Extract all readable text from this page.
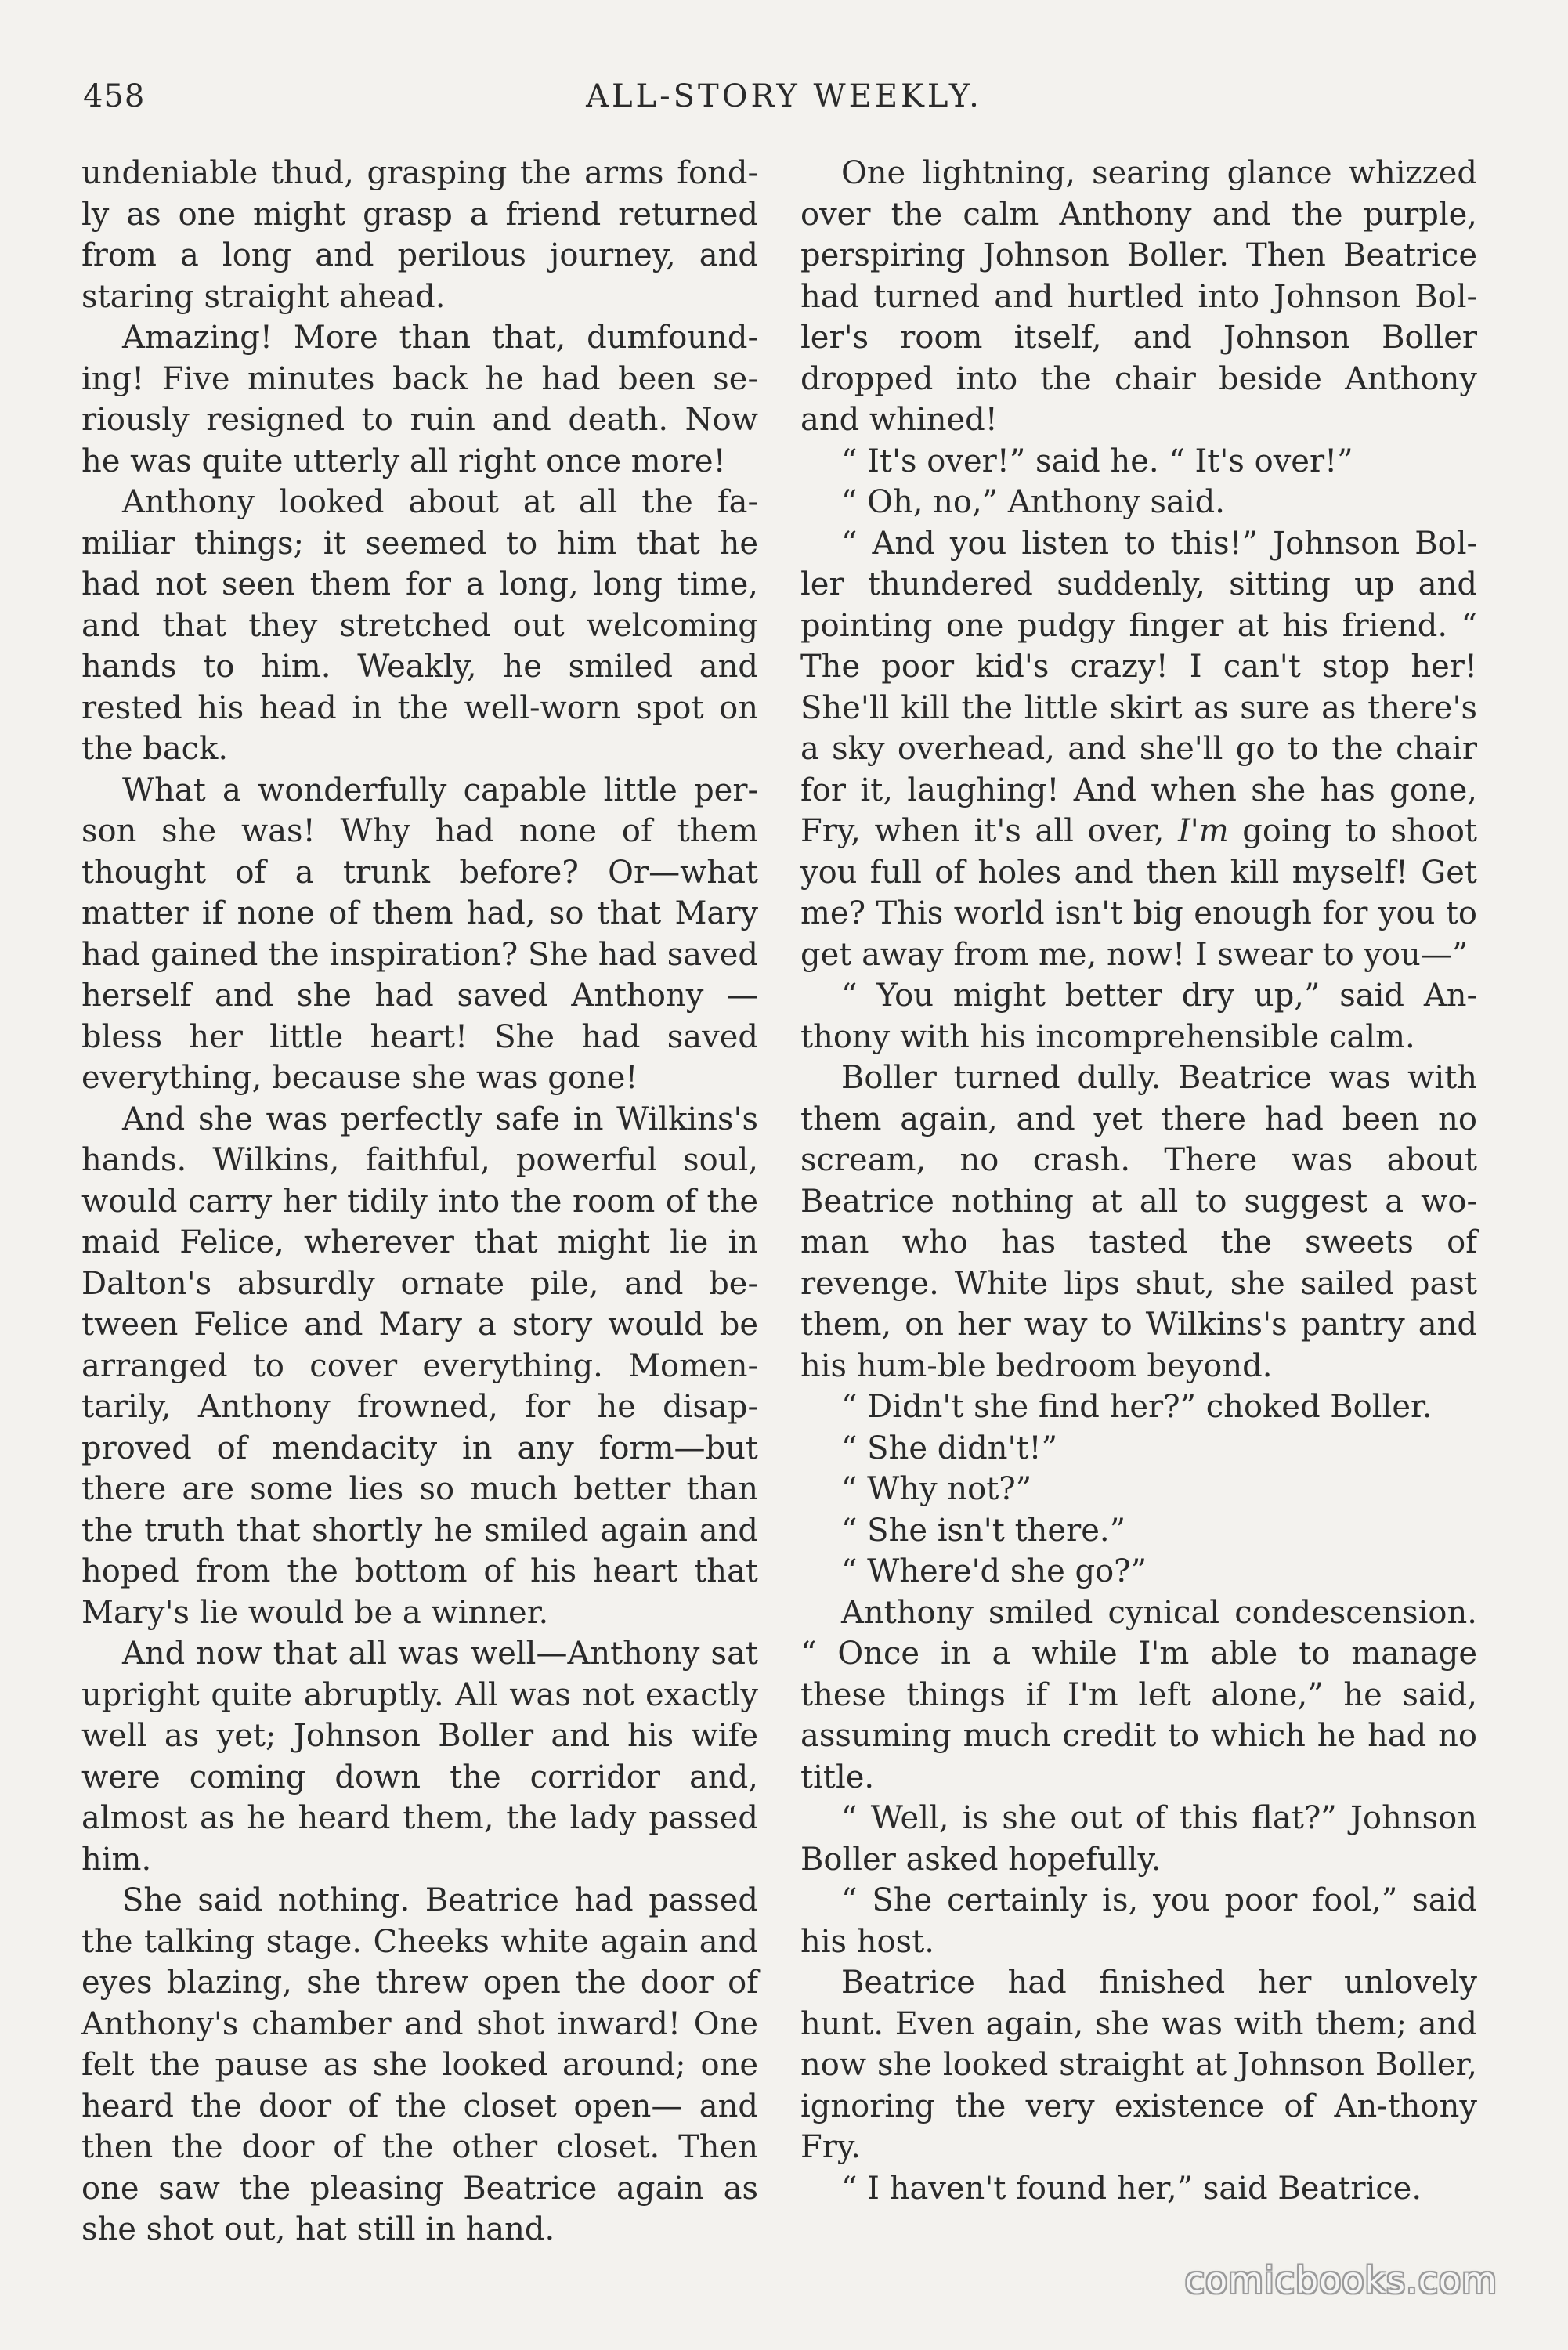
458	ALL-STORY WEEKLY.

undeniable thud, grasping the arms fond-ly as one might grasp a friend returned from a long and perilous journey, and staring straight ahead.

Amazing! More than that, dumfound-ing! Five minutes back he had been se-riously resigned to ruin and death. Now he was quite utterly all right once more!

Anthony looked about at all the fa-miliar things; it seemed to him that he had not seen them for a long, long time, and that they stretched out welcoming hands to him. Weakly, he smiled and rested his head in the well-worn spot on the back.

What a wonderfully capable little per-son she was! Why had none of them thought of a trunk before? Or—what matter if none of them had, so that Mary had gained the inspiration? She had saved herself and she had saved Anthony —bless her little heart! She had saved everything, because she was gone!

And she was perfectly safe in Wilkins's hands. Wilkins, faithful, powerful soul, would carry her tidily into the room of the maid Felice, wherever that might lie in Dalton's absurdly ornate pile, and be-tween Felice and Mary a story would be arranged to cover everything. Momen-tarily, Anthony frowned, for he disap-proved of mendacity in any form—but there are some lies so much better than the truth that shortly he smiled again and hoped from the bottom of his heart that Mary's lie would be a winner.

And now that all was well—Anthony sat upright quite abruptly. All was not exactly well as yet; Johnson Boller and his wife were coming down the corridor and, almost as he heard them, the lady passed him.

She said nothing. Beatrice had passed the talking stage. Cheeks white again and eyes blazing, she threw open the door of Anthony's chamber and shot inward! One felt the pause as she looked around; one heard the door of the closet open— and then the door of the other closet. Then one saw the pleasing Beatrice again as she shot out, hat still in hand.

One lightning, searing glance whizzed over the calm Anthony and the purple, perspiring Johnson Boller. Then Beatrice had turned and hurtled into Johnson Bol-ler's room itself, and Johnson Boller dropped into the chair beside Anthony and whined!

“ It's over!” said he. “ It's over!”

“ Oh, no,” Anthony said.

“ And you listen to this!” Johnson Bol-ler thundered suddenly, sitting up and pointing one pudgy finger at his friend. “ The poor kid's crazy! I can't stop her! She'll kill the little skirt as sure as there's a sky overhead, and she'll go to the chair for it, laughing! And when she has gone, Fry, when it's all over, I'm going to shoot you full of holes and then kill myself! Get me? This world isn't big enough for you to get away from me, now! I swear to you—”

“ You might better dry up,” said An-thony with his incomprehensible calm.

Boller turned dully. Beatrice was with them again, and yet there had been no scream, no crash. There was about Beatrice nothing at all to suggest a wo-man who has tasted the sweets of revenge. White lips shut, she sailed past them, on her way to Wilkins's pantry and his hum-ble bedroom beyond.

“ Didn't she find her?” choked Boller.

“ She didn't!”

“ Why not?”

“ She isn't there.”

“ Where'd she go?”

Anthony smiled cynical condescension. “ Once in a while I'm able to manage these things if I'm left alone,” he said, assuming much credit to which he had no title.

“ Well, is she out of this flat?” Johnson Boller asked hopefully.

“ She certainly is, you poor fool,” said his host.

Beatrice had finished her unlovely hunt. Even again, she was with them; and now she looked straight at Johnson Boller, ignoring the very existence of An-thony Fry.

“ I haven't found her,” said Beatrice.

comicbooks.com
